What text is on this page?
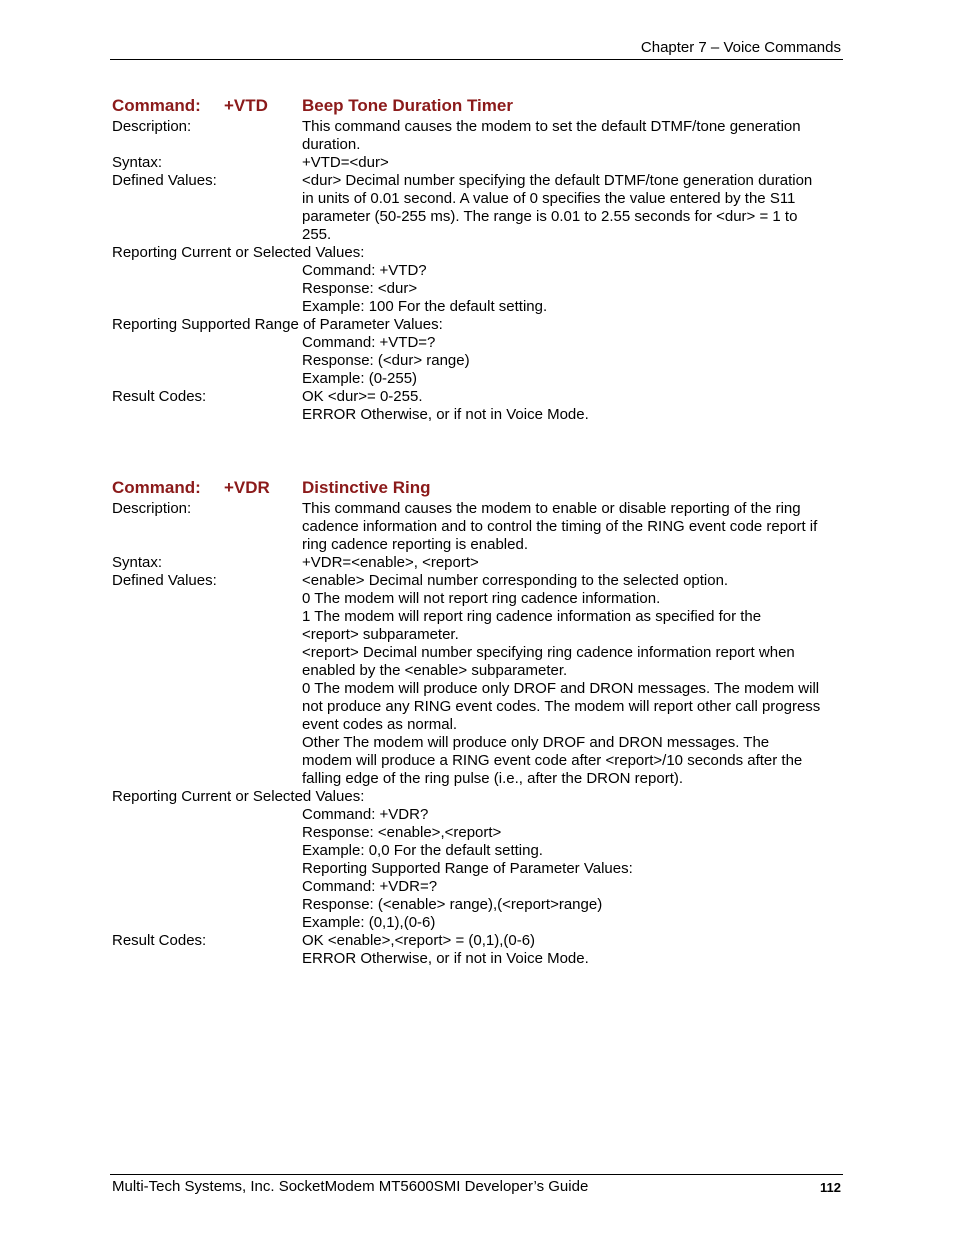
Chapter 7 – Voice Commands
Command: +VTD Beep Tone Duration Timer
Description:	This command causes the modem to set the default DTMF/tone generation
duration.
Syntax:	+VTD=<dur>
Defined Values:	<dur> Decimal number specifying the default DTMF/tone generation duration
in units of 0.01 second. A value of 0 specifies the value entered by the S11
parameter (50-255 ms). The range is 0.01 to 2.55 seconds for <dur> = 1 to
255.
Reporting Current or Selected Values:
Command: +VTD?
Response: <dur>
Example: 100 For the default setting.
Reporting Supported Range of Parameter Values:
Command: +VTD=?
Response: (<dur> range)
Example: (0-255)
Result Codes:	OK <dur>= 0-255.
ERROR Otherwise, or if not in Voice Mode.
Command: +VDR Distinctive Ring
Description:	This command causes the modem to enable or disable reporting of the ring
cadence information and to control the timing of the RING event code report if
ring cadence reporting is enabled.
Syntax:	+VDR=<enable>, <report>
Defined Values:	<enable> Decimal number corresponding to the selected option.
0 The modem will not report ring cadence information.
1 The modem will report ring cadence information as specified for the
<report> subparameter.
<report> Decimal number specifying ring cadence information report when
enabled by the <enable> subparameter.
0 The modem will produce only DROF and DRON messages. The modem will
not produce any RING event codes. The modem will report other call progress
event codes as normal.
Other The modem will produce only DROF and DRON messages. The
modem will produce a RING event code after <report>/10 seconds after the
falling edge of the ring pulse (i.e., after the DRON report).
Reporting Current or Selected Values:
Command: +VDR?
Response: <enable>,<report>
Example: 0,0 For the default setting.
Reporting Supported Range of Parameter Values:
Command: +VDR=?
Response: (<enable> range),(<report>range)
Example: (0,1),(0-6)
Result Codes:	OK <enable>,<report> = (0,1),(0-6)
ERROR Otherwise, or if not in Voice Mode.
Multi-Tech Systems, Inc. SocketModem MT5600SMI Developer’s Guide	112
